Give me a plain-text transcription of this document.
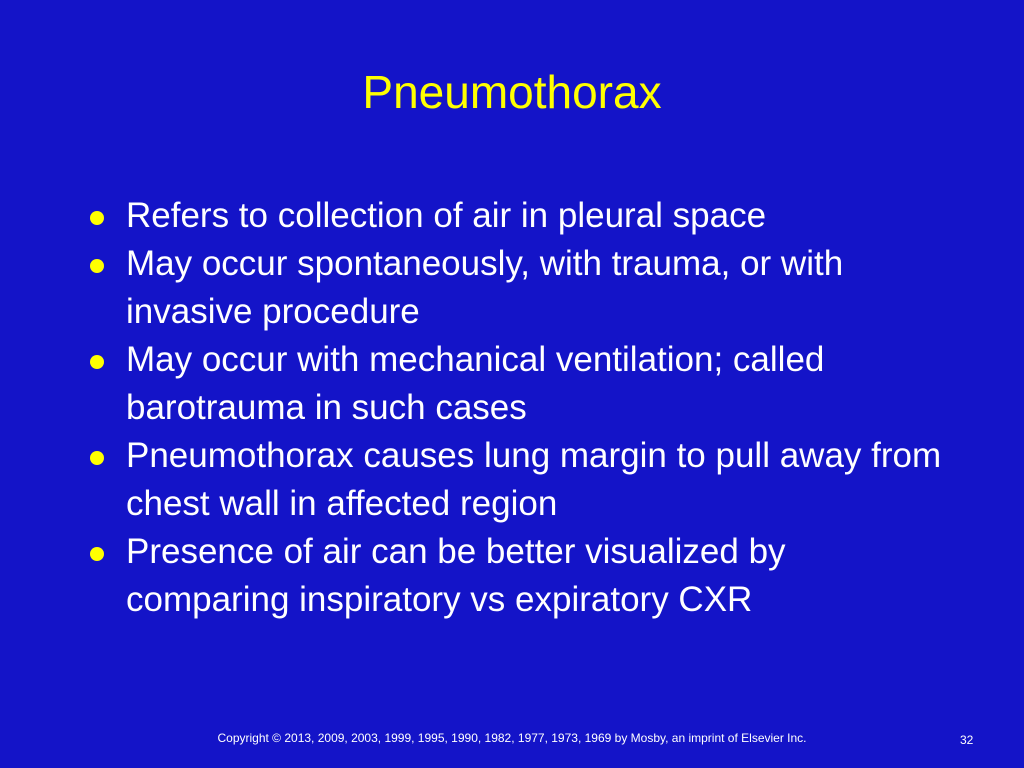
Pneumothorax
Refers to collection of air in pleural space
May occur spontaneously, with trauma, or with invasive procedure
May occur with mechanical ventilation; called barotrauma in such cases
Pneumothorax causes lung margin to pull away from chest wall in affected region
Presence of air can be better visualized by comparing inspiratory vs expiratory CXR
Copyright © 2013, 2009, 2003, 1999, 1995, 1990, 1982, 1977, 1973, 1969 by Mosby, an imprint of Elsevier Inc.	32
